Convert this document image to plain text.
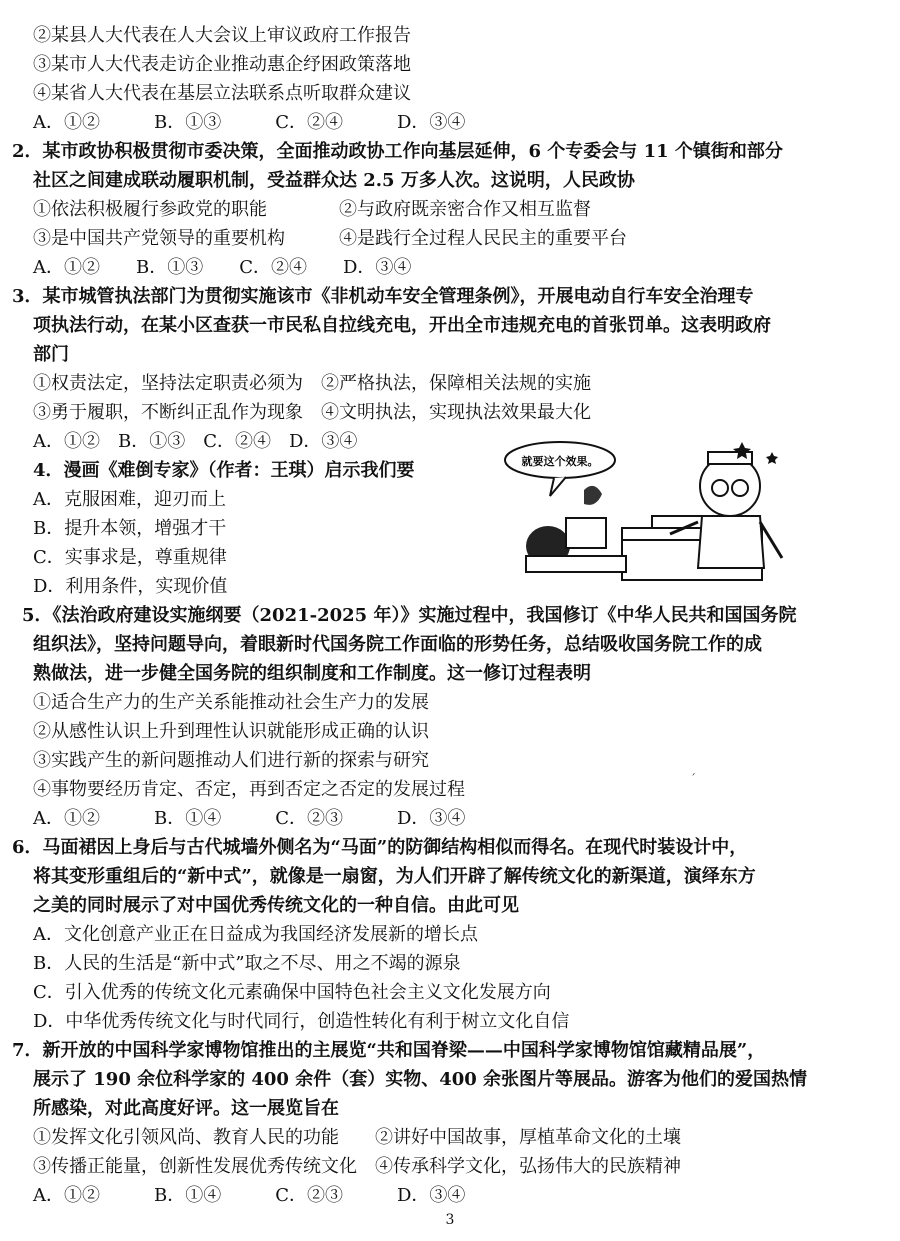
②某县人大代表在人大会议上审议政府工作报告
③某市人大代表走访企业推动惠企纾困政策落地
④某省人大代表在基层立法联系点听取群众建议
A．①②　　　B．①③　　　C．②④　　　D．③④
2．某市政协积极贯彻市委决策，全面推动政协工作向基层延伸，6 个专委会与 11 个镇街和部分
社区之间建成联动履职机制，受益群众达 2.5 万多人次。这说明，人民政协
①依法积极履行参政党的职能　　　　②与政府既亲密合作又相互监督
③是中国共产党领导的重要机构　　　④是践行全过程人民民主的重要平台
A．①②　　B．①③　　C．②④　　D．③④
3．某市城管执法部门为贯彻实施该市《非机动车安全管理条例》，开展电动自行车安全治理专
项执法行动，在某小区查获一市民私自拉线充电，开出全市违规充电的首张罚单。这表明政府
部门
①权责法定，坚持法定职责必须为　②严格执法，保障相关法规的实施
③勇于履职，不断纠正乱作为现象　④文明执法，实现执法效果最大化
A．①②　B．①③　C．②④　D．③④
4．漫画《难倒专家》（作者：王琪）启示我们要
A．克服困难，迎刃而上
B．提升本领，增强才干
C．实事求是，尊重规律
D．利用条件，实现价值
就要这个效果。
5．《法治政府建设实施纲要（2021-2025 年）》实施过程中，我国修订《中华人民共和国国务院
组织法》，坚持问题导向，着眼新时代国务院工作面临的形势任务，总结吸收国务院工作的成
熟做法，进一步健全国务院的组织制度和工作制度。这一修订过程表明
①适合生产力的生产关系能推动社会生产力的发展
②从感性认识上升到理性认识就能形成正确的认识
③实践产生的新问题推动人们进行新的探索与研究
④事物要经历肯定、否定，再到否定之否定的发展过程
A．①②　　　B．①④　　　C．②③　　　D．③④
ˊ
6．马面裙因上身后与古代城墙外侧名为“马面”的防御结构相似而得名。在现代时装设计中，
将其变形重组后的“新中式”，就像是一扇窗，为人们开辟了解传统文化的新渠道，演绎东方
之美的同时展示了对中国优秀传统文化的一种自信。由此可见
A．文化创意产业正在日益成为我国经济发展新的增长点
B．人民的生活是“新中式”取之不尽、用之不竭的源泉
C．引入优秀的传统文化元素确保中国特色社会主义文化发展方向
D．中华优秀传统文化与时代同行，创造性转化有利于树立文化自信
7．新开放的中国科学家博物馆推出的主展览“共和国脊梁——中国科学家博物馆馆藏精品展”，
展示了 190 余位科学家的 400 余件（套）实物、400 余张图片等展品。游客为他们的爱国热情
所感染，对此高度好评。这一展览旨在
①发挥文化引领风尚、教育人民的功能　　②讲好中国故事，厚植革命文化的土壤
③传播正能量，创新性发展优秀传统文化　④传承科学文化，弘扬伟大的民族精神
A．①②　　　B．①④　　　C．②③　　　D．③④
3
